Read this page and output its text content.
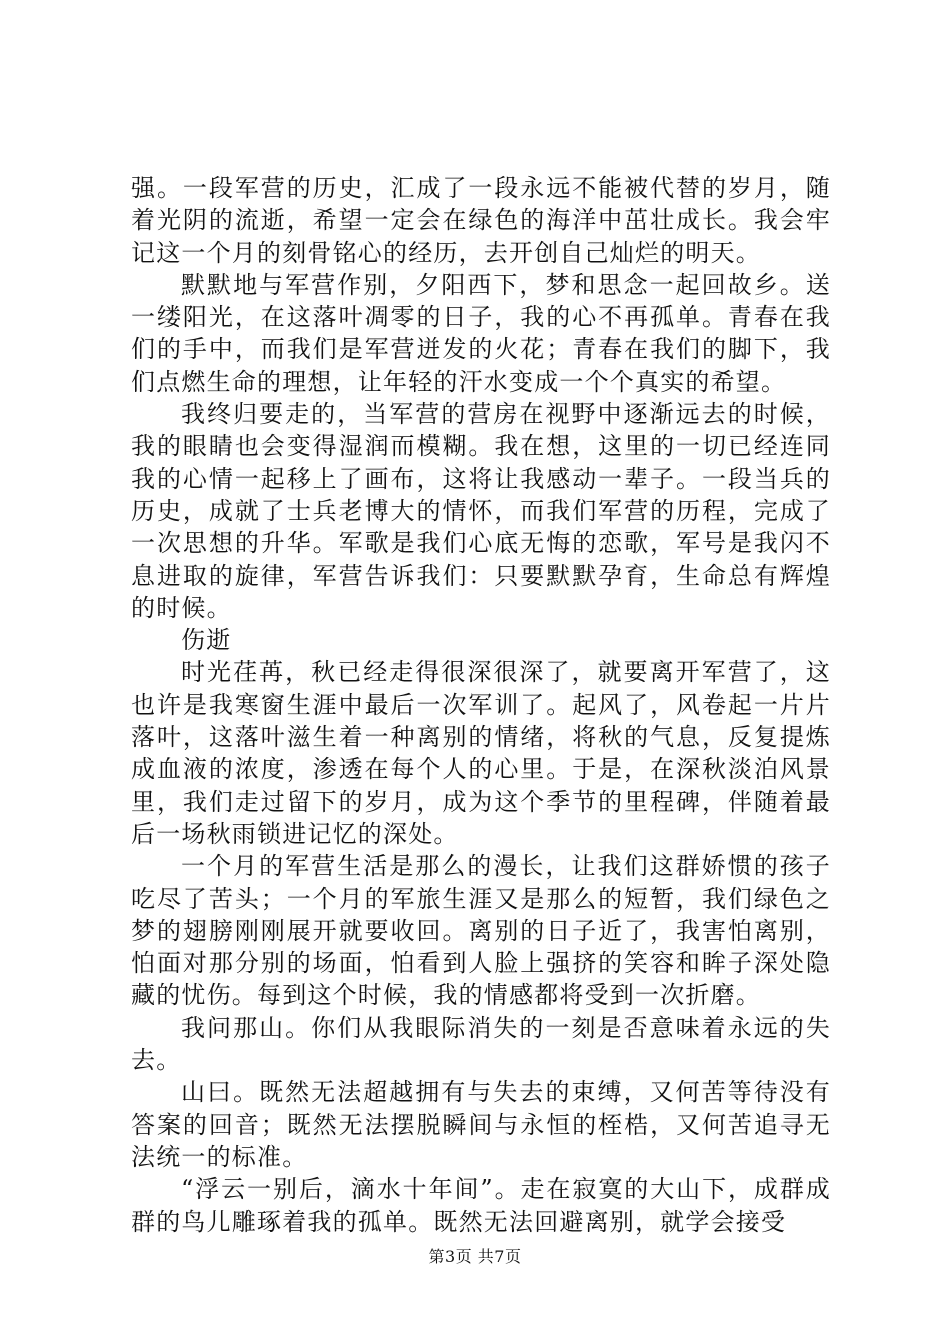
强。一段军营的历史，汇成了一段永远不能被代替的岁月，随着光阴的流逝，希望一定会在绿色的海洋中茁壮成长。我会牢记这一个月的刻骨铭心的经历，去开创自己灿烂的明天。

默默地与军营作别，夕阳西下，梦和思念一起回故乡。送一缕阳光，在这落叶凋零的日子，我的心不再孤单。青春在我们的手中，而我们是军营迸发的火花；青春在我们的脚下，我们点燃生命的理想，让年轻的汗水变成一个个真实的希望。

我终归要走的，当军营的营房在视野中逐渐远去的时候，我的眼睛也会变得湿润而模糊。我在想，这里的一切已经连同我的心情一起移上了画布，这将让我感动一辈子。一段当兵的历史，成就了士兵老博大的情怀，而我们军营的历程，完成了一次思想的升华。军歌是我们心底无悔的恋歌，军号是我闪不息进取的旋律，军营告诉我们：只要默默孕育，生命总有辉煌的时候。

伤逝

时光荏苒，秋已经走得很深很深了，就要离开军营了，这也许是我寒窗生涯中最后一次军训了。起风了，风卷起一片片落叶，这落叶滋生着一种离别的情绪，将秋的气息，反复提炼成血液的浓度，渗透在每个人的心里。于是，在深秋淡泊风景里，我们走过留下的岁月，成为这个季节的里程碑，伴随着最后一场秋雨锁进记忆的深处。

一个月的军营生活是那么的漫长，让我们这群娇惯的孩子吃尽了苦头；一个月的军旅生涯又是那么的短暂，我们绿色之梦的翅膀刚刚展开就要收回。离别的日子近了，我害怕离别，怕面对那分别的场面，怕看到人脸上强挤的笑容和眸子深处隐藏的忧伤。每到这个时候，我的情感都将受到一次折磨。

我问那山。你们从我眼际消失的一刻是否意味着永远的失去。

山曰。既然无法超越拥有与失去的束缚，又何苦等待没有答案的回音；既然无法摆脱瞬间与永恒的桎梏，又何苦追寻无法统一的标准。

“浮云一别后，滴水十年间”。走在寂寞的大山下，成群成群的鸟儿雕琢着我的孤单。既然无法回避离别，就学会接受

第3页 共7页
